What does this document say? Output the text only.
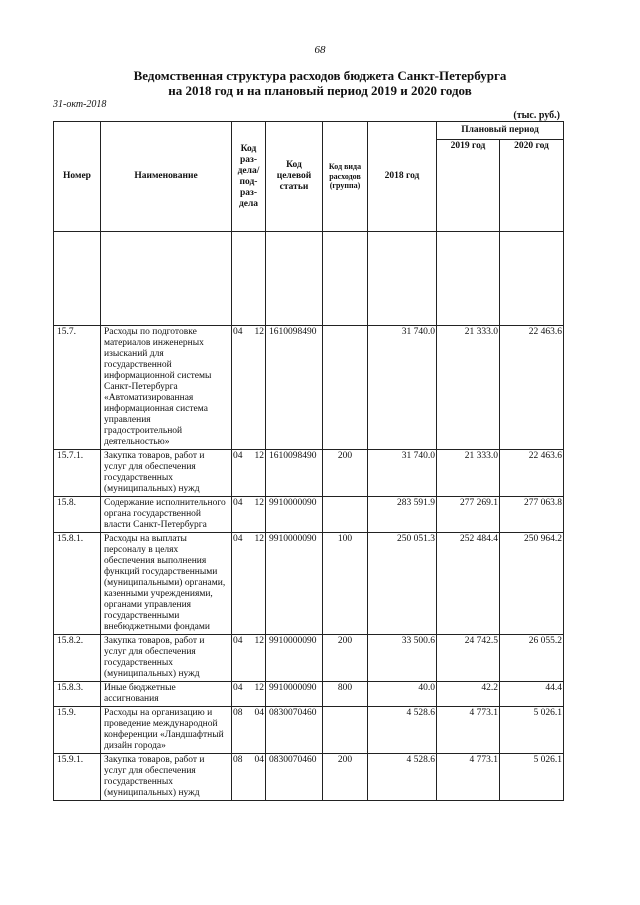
68
Ведомственная структура расходов бюджета Санкт-Петербурга
на 2018 год и на плановый период 2019 и 2020 годов
31-окт-2018
(тыс. руб.)
Номер	Наименование	Код раз-дела/ под-раз-дела	Код целевой статьи	Код вида расходов (группа)	2018 год	Плановый период	
						2019 год	2020 год

15.7.	Расходы по подготовке материалов инженерных изысканий для государственной информационной системы Санкт-Петербурга «Автоматизированная информационная система управления градостроительной деятельностью»	04 12	1610098490		31 740.0	21 333.0	22 463.6
15.7.1.	Закупка товаров, работ и услуг для обеспечения государственных (муниципальных) нужд	04 12	1610098490	200	31 740.0	21 333.0	22 463.6
15.8.	Содержание исполнительного органа государственной власти Санкт-Петербурга	04 12	9910000090		283 591.9	277 269.1	277 063.8
15.8.1.	Расходы на выплаты персоналу в целях обеспечения выполнения функций государственными (муниципальными) органами, казенными учреждениями, органами управления государственными внебюджетными фондами	04 12	9910000090	100	250 051.3	252 484.4	250 964.2
15.8.2.	Закупка товаров, работ и услуг для обеспечения государственных (муниципальных) нужд	04 12	9910000090	200	33 500.6	24 742.5	26 055.2
15.8.3.	Иные бюджетные ассигнования	04 12	9910000090	800	40.0	42.2	44.4
15.9.	Расходы на организацию и проведение международной конференции «Ландшафтный дизайн города»	08 04	0830070460		4 528.6	4 773.1	5 026.1
15.9.1.	Закупка товаров, работ и услуг для обеспечения государственных (муниципальных) нужд	08 04	0830070460	200	4 528.6	4 773.1	5 026.1
